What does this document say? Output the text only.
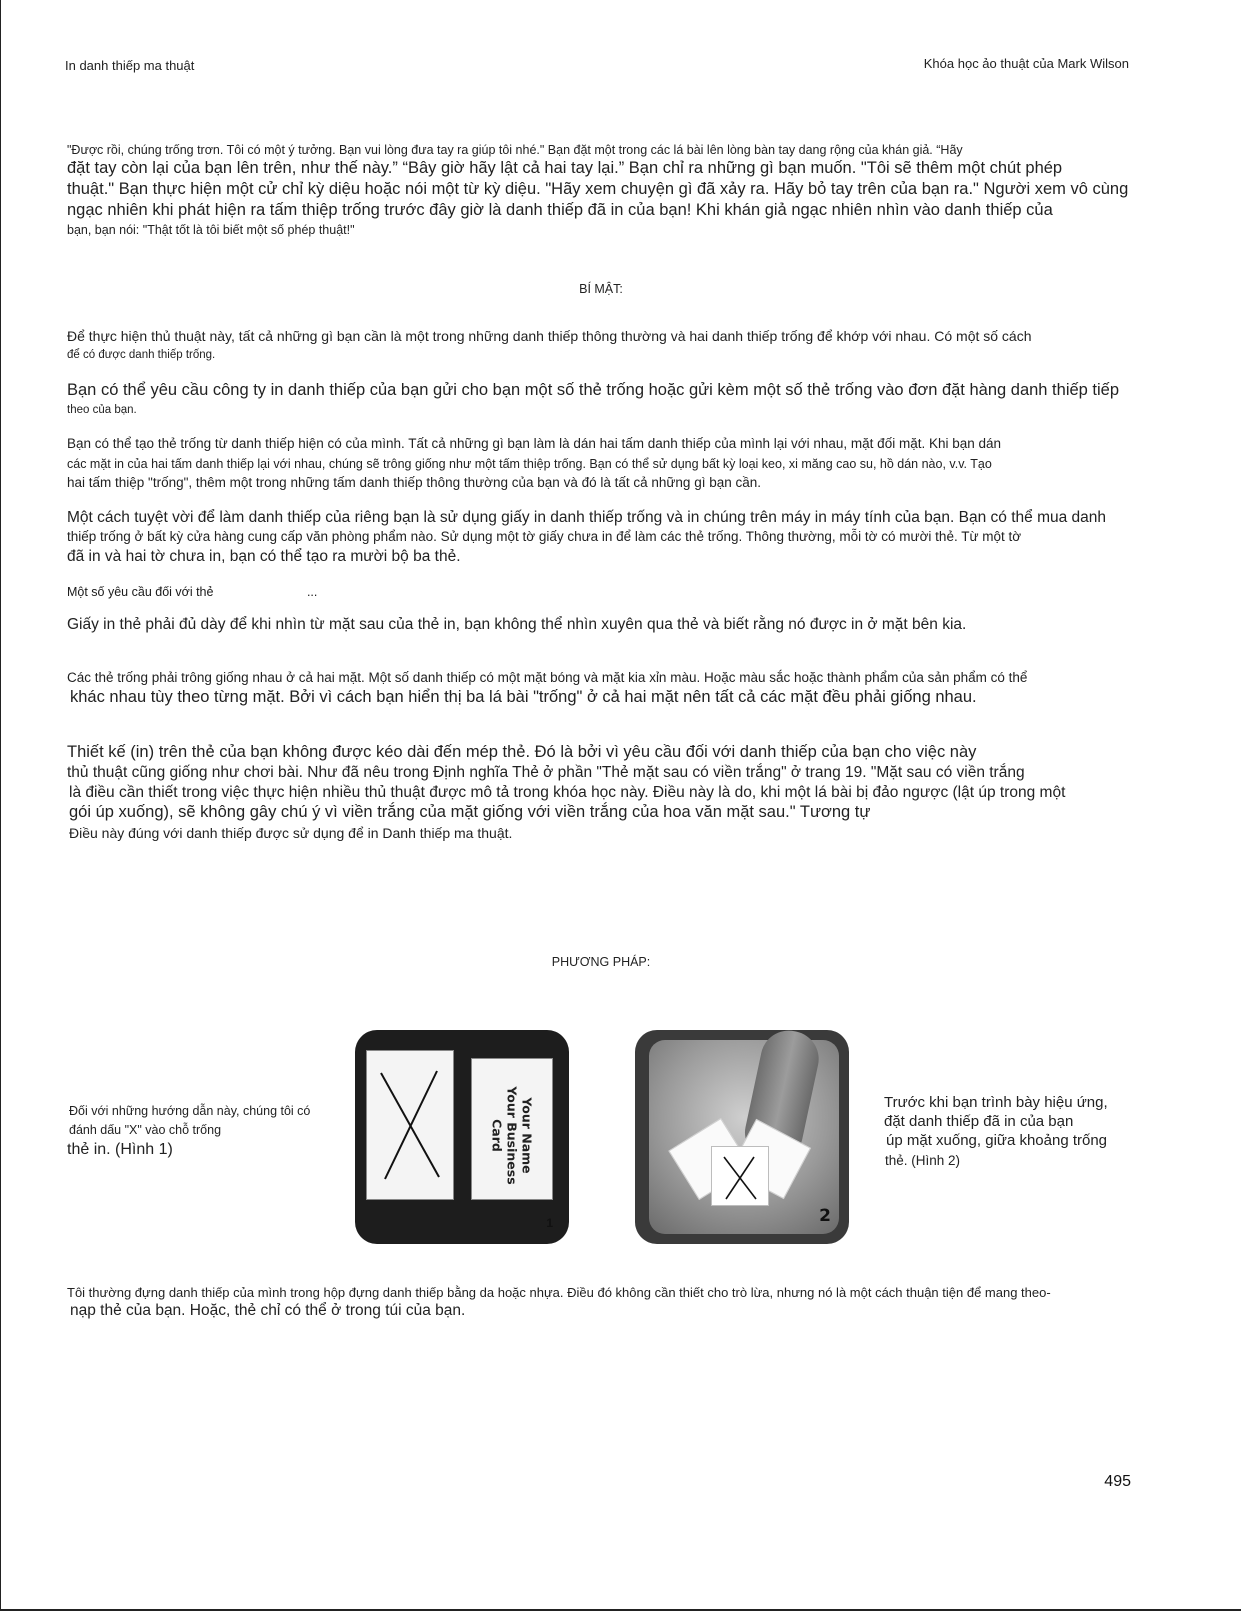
In danh thiếp ma thuật	Khóa học ảo thuật của Mark Wilson
"Được rồi, chúng trống trơn. Tôi có một ý tưởng. Bạn vui lòng đưa tay ra giúp tôi nhé." Bạn đặt một trong các lá bài lên lòng bàn tay dang rộng của khán giả. “Hãy
đặt tay còn lại của bạn lên trên, như thế này.” “Bây giờ hãy lật cả hai tay lại.” Bạn chỉ ra những gì bạn muốn. "Tôi sẽ thêm một chút phép
thuật." Bạn thực hiện một cử chỉ kỳ diệu hoặc nói một từ kỳ diệu. "Hãy xem chuyện gì đã xảy ra. Hãy bỏ tay trên của bạn ra." Người xem vô cùng
ngạc nhiên khi phát hiện ra tấm thiệp trống trước đây giờ là danh thiếp đã in của bạn! Khi khán giả ngạc nhiên nhìn vào danh thiếp của
bạn, bạn nói: "Thật tốt là tôi biết một số phép thuật!"
BÍ MẬT:
Để thực hiện thủ thuật này, tất cả những gì bạn cần là một trong những danh thiếp thông thường và hai danh thiếp trống để khớp với nhau. Có một số cách
để có được danh thiếp trống.
Bạn có thể yêu cầu công ty in danh thiếp của bạn gửi cho bạn một số thẻ trống hoặc gửi kèm một số thẻ trống vào đơn đặt hàng danh thiếp tiếp
theo của bạn.
Bạn có thể tạo thẻ trống từ danh thiếp hiện có của mình. Tất cả những gì bạn làm là dán hai tấm danh thiếp của mình lại với nhau, mặt đối mặt. Khi bạn dán
các mặt in của hai tấm danh thiếp lại với nhau, chúng sẽ trông giống như một tấm thiệp trống. Bạn có thể sử dụng bất kỳ loại keo, xi măng cao su, hồ dán nào, v.v. Tạo
hai tấm thiệp "trống", thêm một trong những tấm danh thiếp thông thường của bạn và đó là tất cả những gì bạn cần.
Một cách tuyệt vời để làm danh thiếp của riêng bạn là sử dụng giấy in danh thiếp trống và in chúng trên máy in máy tính của bạn. Bạn có thể mua danh
thiếp trống ở bất kỳ cửa hàng cung cấp văn phòng phẩm nào. Sử dụng một tờ giấy chưa in để làm các thẻ trống. Thông thường, mỗi tờ có mười thẻ. Từ một tờ
đã in và hai tờ chưa in, bạn có thể tạo ra mười bộ ba thẻ.
Một số yêu cầu đối với thẻ	...
Giấy in thẻ phải đủ dày để khi nhìn từ mặt sau của thẻ in, bạn không thể nhìn xuyên qua thẻ và biết rằng nó được in ở mặt bên kia.
Các thẻ trống phải trông giống nhau ở cả hai mặt. Một số danh thiếp có một mặt bóng và mặt kia xỉn màu. Hoặc màu sắc hoặc thành phẩm của sản phẩm có thể
khác nhau tùy theo từng mặt. Bởi vì cách bạn hiển thị ba lá bài "trống" ở cả hai mặt nên tất cả các mặt đều phải giống nhau.
Thiết kế (in) trên thẻ của bạn không được kéo dài đến mép thẻ. Đó là bởi vì yêu cầu đối với danh thiếp của bạn cho việc này
thủ thuật cũng giống như chơi bài. Như đã nêu trong Định nghĩa Thẻ ở phần "Thẻ mặt sau có viền trắng" ở trang 19. "Mặt sau có viền trắng
là điều cần thiết trong việc thực hiện nhiều thủ thuật được mô tả trong khóa học này. Điều này là do, khi một lá bài bị đảo ngược (lật úp trong một
gói úp xuống), sẽ không gây chú ý vì viền trắng của mặt giống với viền trắng của hoa văn mặt sau." Tương tự
Điều này đúng với danh thiếp được sử dụng để in Danh thiếp ma thuật.
PHƯƠNG PHÁP:
Đối với những hướng dẫn này, chúng tôi có
đánh dấu "X" vào chỗ trống
thẻ in. (Hình 1)	Your Name
Your Business
Card
1	2
Trước khi bạn trình bày hiệu ứng,
đặt danh thiếp đã in của bạn
úp mặt xuống, giữa khoảng trống
thẻ. (Hình 2)
Tôi thường đựng danh thiếp của mình trong hộp đựng danh thiếp bằng da hoặc nhựa. Điều đó không cần thiết cho trò lừa, nhưng nó là một cách thuận tiện để mang theo-
nạp thẻ của bạn. Hoặc, thẻ chỉ có thể ở trong túi của bạn.
495
